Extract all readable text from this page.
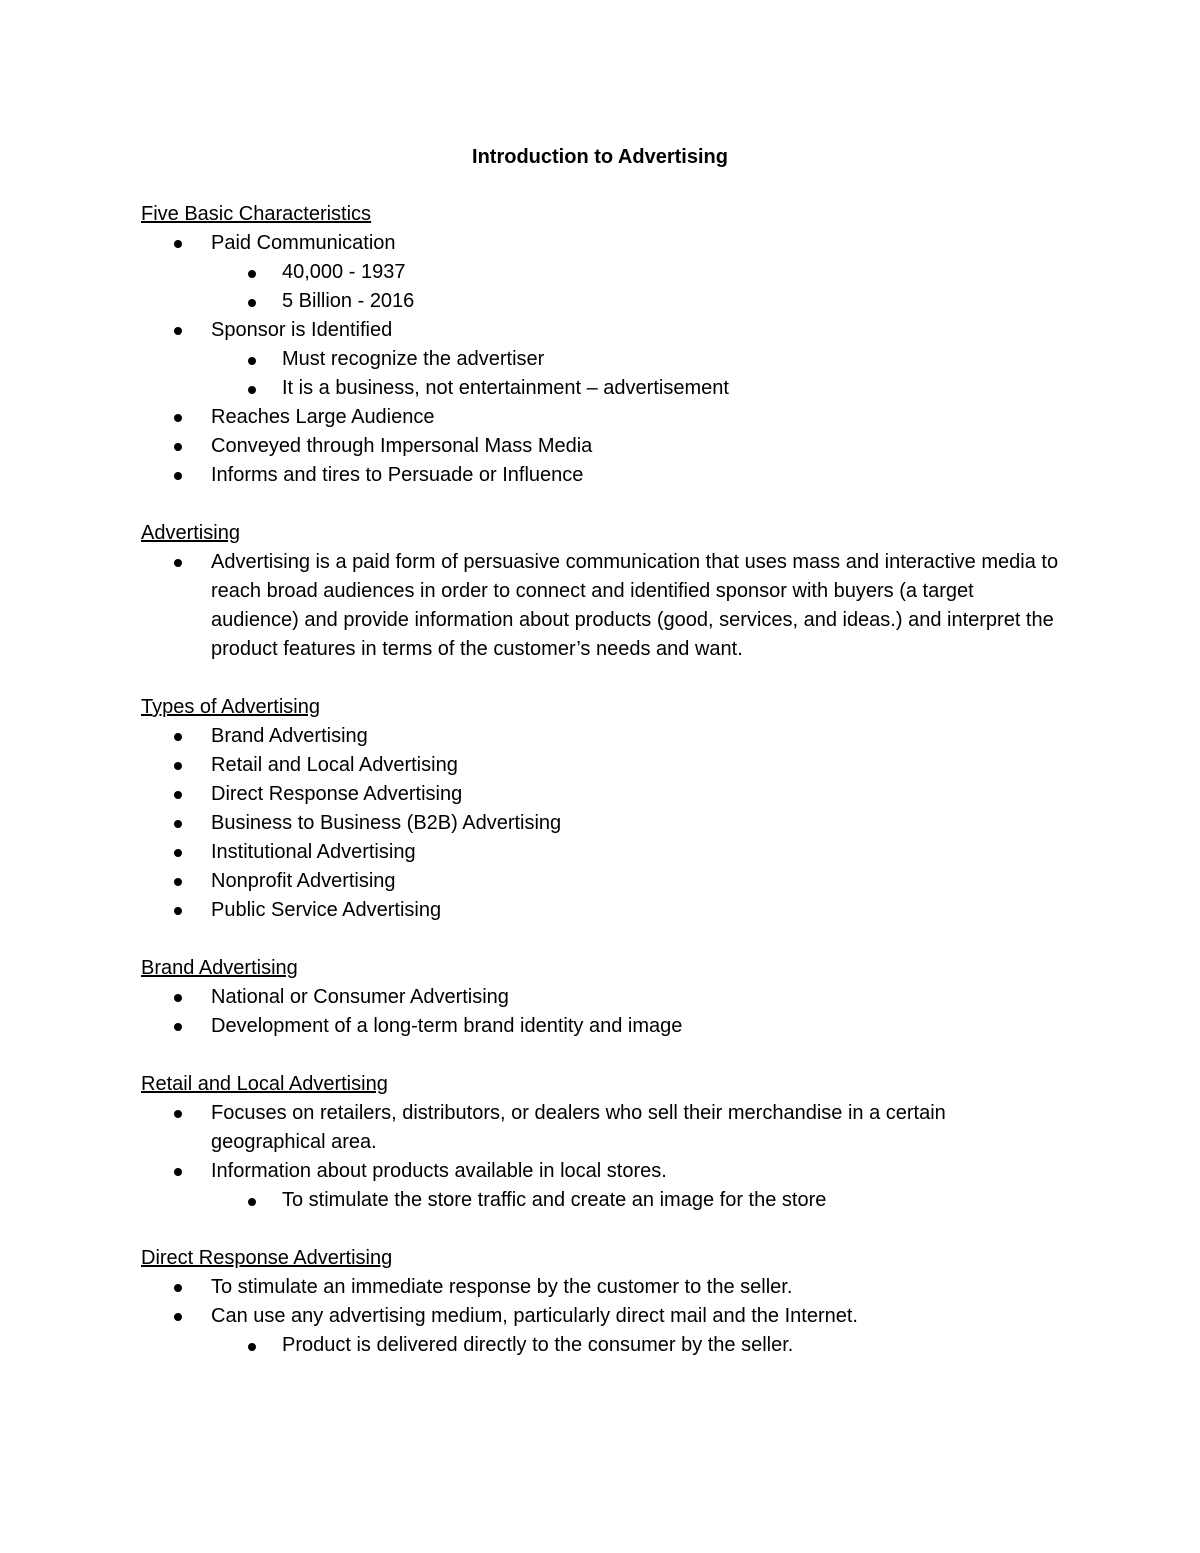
Introduction to Advertising
Five Basic Characteristics
Paid Communication
40,000 - 1937
5 Billion - 2016
Sponsor is Identified
Must recognize the advertiser
It is a business, not entertainment – advertisement
Reaches Large Audience
Conveyed through Impersonal Mass Media
Informs and tires to Persuade or Influence
Advertising
Advertising is a paid form of persuasive communication that uses mass and interactive media to reach broad audiences in order to connect and identified sponsor with buyers (a target audience) and provide information about products (good, services, and ideas.) and interpret the product features in terms of the customer’s needs and want.
Types of Advertising
Brand Advertising
Retail and Local Advertising
Direct Response Advertising
Business to Business (B2B) Advertising
Institutional Advertising
Nonprofit Advertising
Public Service Advertising
Brand Advertising
National or Consumer Advertising
Development of a long-term brand identity and image
Retail and Local Advertising
Focuses on retailers, distributors, or dealers who sell their merchandise in a certain geographical area.
Information about products available in local stores.
To stimulate the store traffic and create an image for the store
Direct Response Advertising
To stimulate an immediate response by the customer to the seller.
Can use any advertising medium, particularly direct mail and the Internet.
Product is delivered directly to the consumer by the seller.
